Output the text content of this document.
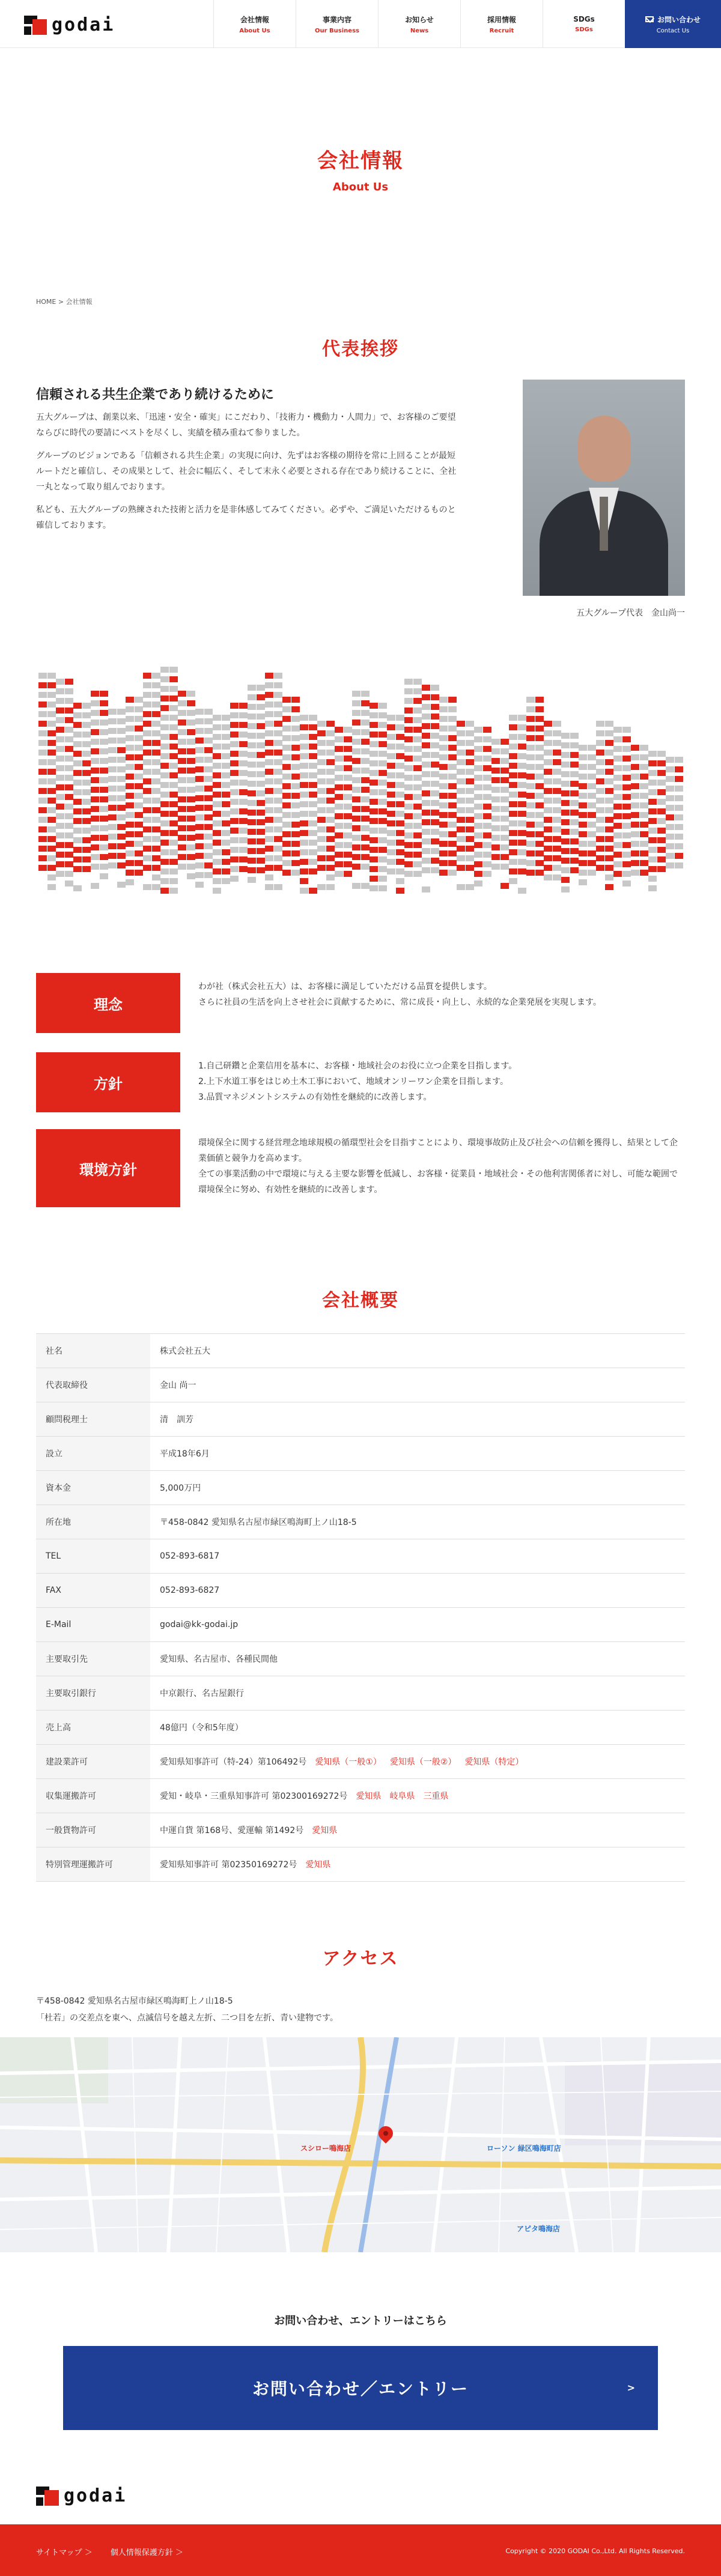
godai	会社情報
About Us
事業内容
Our Business
お知らせ
News
採用情報
Recruit
SDGs
SDGs
お問い合わせ
Contact Us
会社情報
About Us
HOME > 会社情報
代表挨拶
信頼される共生企業であり続けるために

五大グループは、創業以来、「迅速・安全・確実」にこだわり、「技術力・機動力・人間力」で、お客様のご要望ならびに時代の要請にベストを尽くし、実績を積み重ねて参りました。

グループのビジョンである「信頼される共生企業」の実現に向け、先ずはお客様の期待を常に上回ることが最短ルートだと確信し、その成果として、社会に幅広く、そして末永く必要とされる存在であり続けることに、全社一丸となって取り組んでおります。

私ども、五大グループの熟練された技術と活力を是非体感してみてください。必ずや、ご満足いただけるものと確信しております。

五大グループ代表　金山尚一
理念
わが社（株式会社五大）は、お客様に満足していただける品質を提供します。
さらに社員の生活を向上させ社会に貢献するために、常に成長・向上し、永続的な企業発展を実現します。
方針
1.自己研鑽と企業信用を基本に、お客様・地域社会のお役に立つ企業を目指します。
2.上下水道工事をはじめ土木工事において、地域オンリーワン企業を目指します。
3.品質マネジメントシステムの有効性を継続的に改善します。
環境方針
環境保全に関する経営理念地球規模の循環型社会を目指すことにより、環境事故防止及び社会への信頼を獲得し、結果として企業価値と競争力を高めます。
全ての事業活動の中で環境に与える主要な影響を低減し、お客様・従業員・地域社会・その他利害関係者に対し、可能な範囲で環境保全に努め、有効性を継続的に改善します。
会社概要
社名	株式会社五大
代表取締役	金山 尚一
顧問税理士	清　訓芳
設立	平成18年6月
資本金	5,000万円
所在地	〒458-0842 愛知県名古屋市緑区鳴海町上ノ山18-5
TEL	052-893-6817
FAX	052-893-6827
E-Mail	godai@kk-godai.jp
主要取引先	愛知県、名古屋市、各種民間他
主要取引銀行	中京銀行、名古屋銀行
売上高	48億円（令和5年度）
建設業許可	愛知県知事許可（特-24）第106492号 愛知県（一般①） 愛知県（一般②） 愛知県（特定）
収集運搬許可	愛知・岐阜・三重県知事許可 第02300169272号 愛知県 岐阜県 三重県
一般貨物許可	中運自貨 第168号、愛運輸 第1492号 愛知県
特別管理運搬許可	愛知県知事許可 第02350169272号 愛知県
アクセス
〒458-0842 愛知県名古屋市緑区鳴海町上ノ山18-5
「杜若」の交差点を東へ、点滅信号を越え左折、二つ目を左折、青い建物です。
スシロー鳴海店	ローソン 緑区鳴海町店
アピタ鳴海店
お問い合わせ、エントリーはこちら
お問い合わせ／エントリー	>
godai
サイトマップ ＞ 個人情報保護方針 ＞	Copyright © 2020 GODAI Co.,Ltd. All Rights Reserved.
